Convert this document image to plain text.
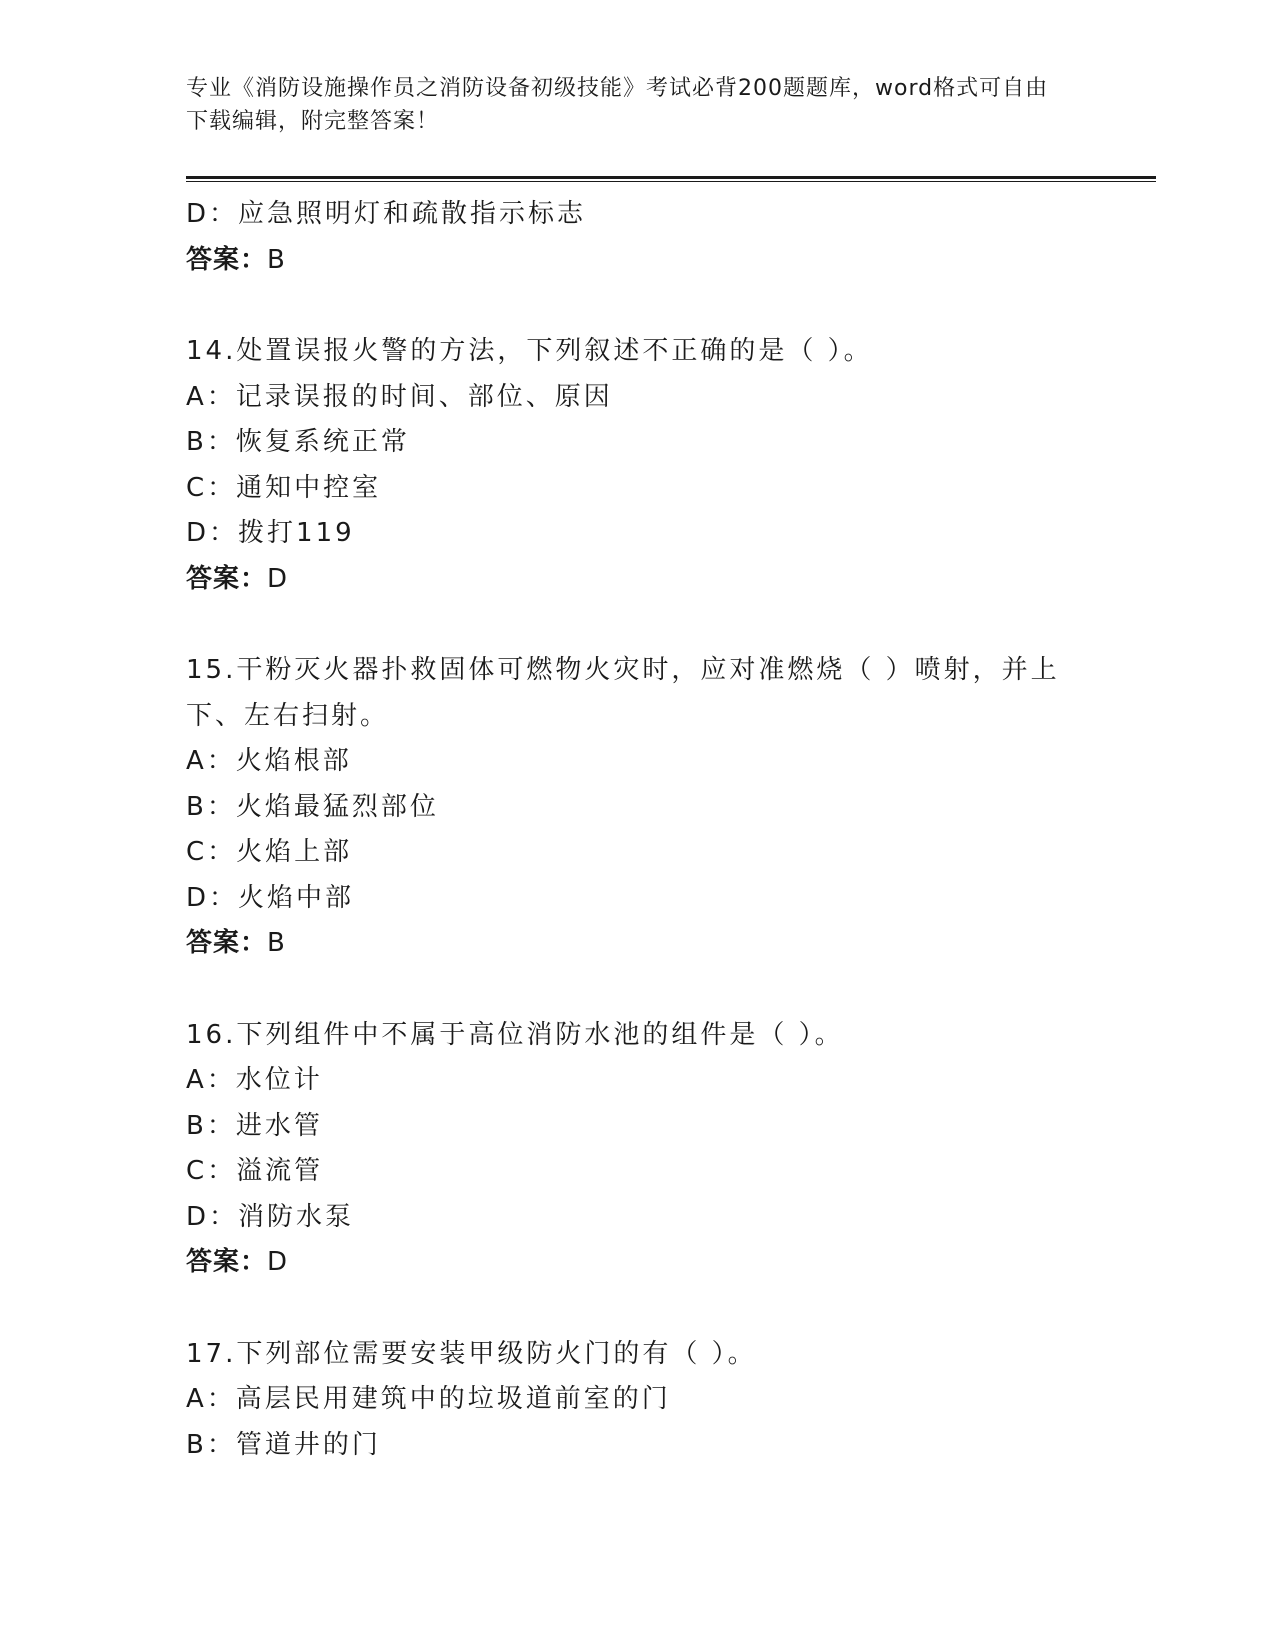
专业《消防设施操作员之消防设备初级技能》考试必背200题题库，word格式可自由下载编辑，附完整答案！
D：应急照明灯和疏散指示标志
答案：B
14.处置误报火警的方法，下列叙述不正确的是（ ）。
A：记录误报的时间、部位、原因
B：恢复系统正常
C：通知中控室
D：拨打119
答案：D
15.干粉灭火器扑救固体可燃物火灾时，应对准燃烧（ ）喷射，并上下、左右扫射。
A：火焰根部
B：火焰最猛烈部位
C：火焰上部
D：火焰中部
答案：B
16.下列组件中不属于高位消防水池的组件是（ ）。
A：水位计
B：进水管
C：溢流管
D：消防水泵
答案：D
17.下列部位需要安装甲级防火门的有（ ）。
A：高层民用建筑中的垃圾道前室的门
B：管道井的门
